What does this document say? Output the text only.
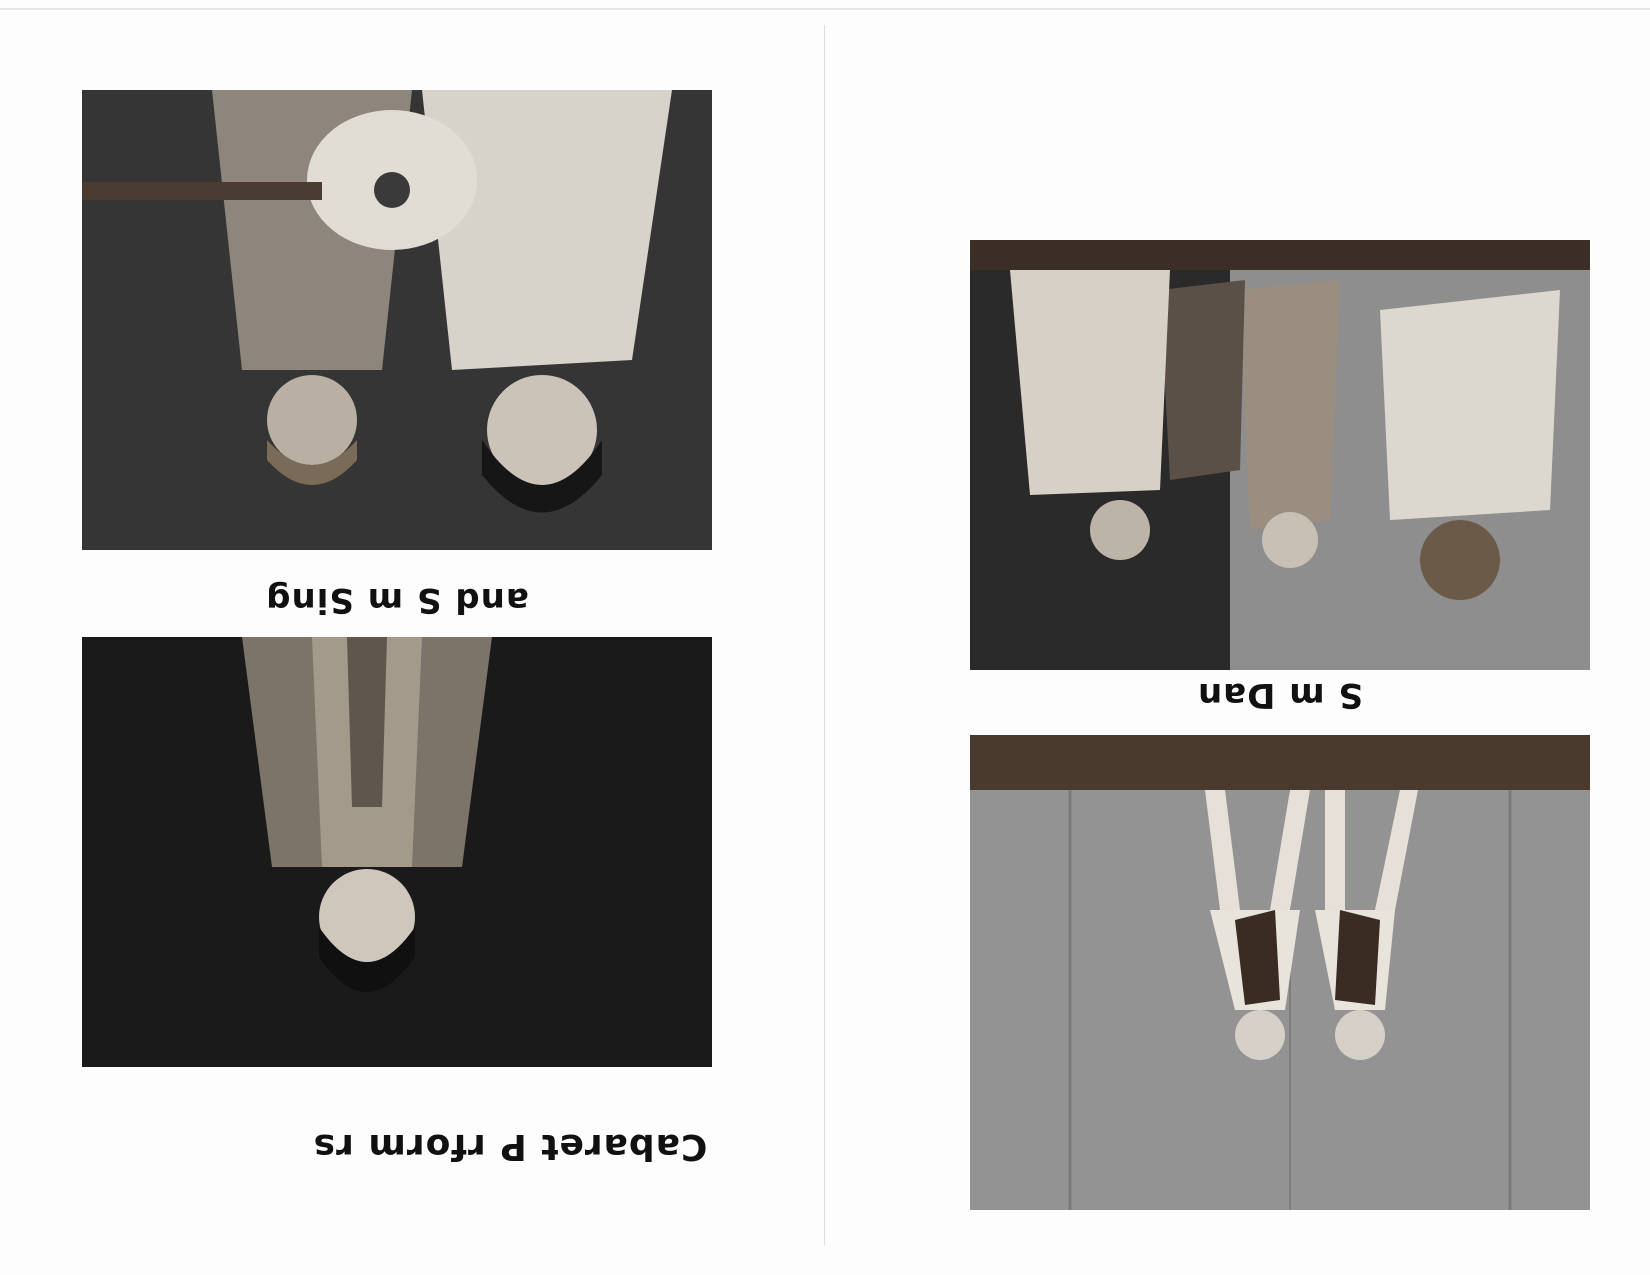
S m Dan
and S m Sing
Cabaret P rform rs
